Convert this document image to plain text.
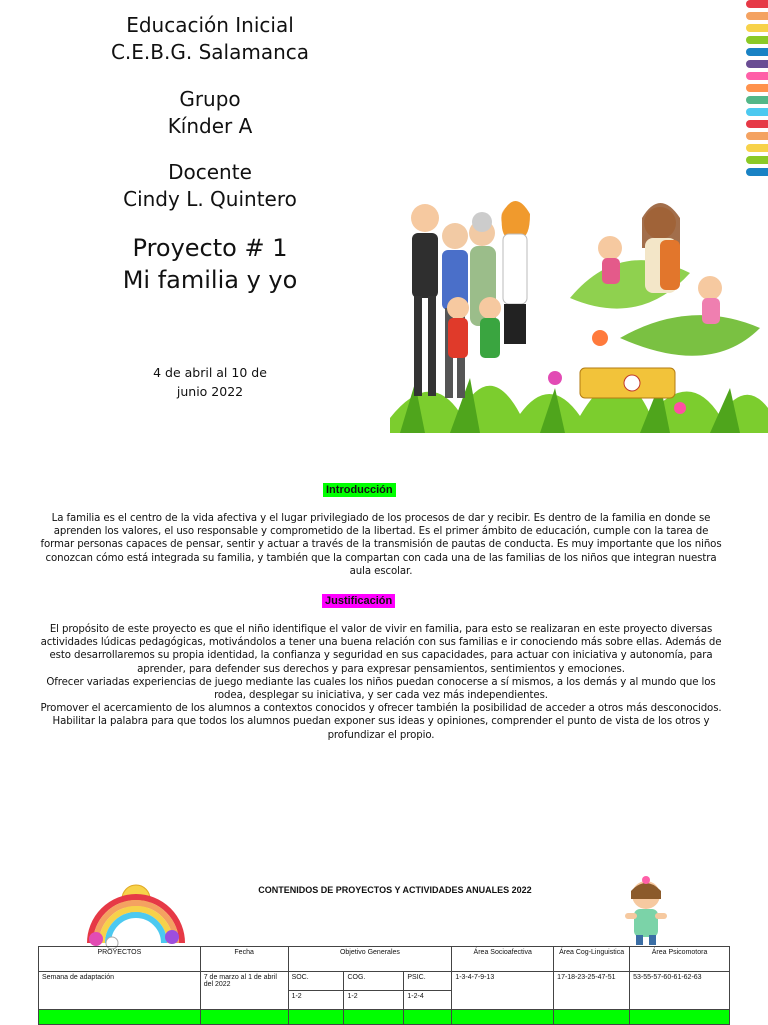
Educación Inicial
C.E.B.G. Salamanca
Grupo
Kínder A
Docente
Cindy L. Quintero
Proyecto # 1
Mi familia y yo
4 de abril al 10 de
junio 2022
Introducción
La familia es el centro de la vida afectiva y el lugar privilegiado de los procesos de dar y recibir. Es dentro de la familia en donde se aprenden los valores, el uso responsable y comprometido de la libertad. Es el primer ámbito de educación, cumple con la tarea de formar personas capaces de pensar, sentir y actuar a través de la transmisión de pautas de conducta. Es muy importante que los niños conozcan cómo está integrada su familia, y también que la compartan con cada una de las familias de los niños que integran nuestra aula escolar.
Justificación
El propósito de este proyecto es que el niño identifique el valor de vivir en familia, para esto se realizaran en este proyecto diversas actividades lúdicas pedagógicas, motivándolos a tener una buena relación con sus familias e ir conociendo más sobre ellas. Además de esto desarrollaremos su propia identidad, la confianza y seguridad en sus capacidades, para actuar con iniciativa y autonomía, para aprender, para defender sus derechos y para expresar pensamientos, sentimientos y emociones.
Ofrecer variadas experiencias de juego mediante las cuales los niños puedan conocerse a sí mismos, a los demás y al mundo que los rodea, desplegar su iniciativa, y ser cada vez más independientes.
Promover el acercamiento de los alumnos a contextos conocidos y ofrecer también la posibilidad de acceder a otros más desconocidos.
Habilitar la palabra para que todos los alumnos puedan exponer sus ideas y opiniones, comprender el punto de vista de los otros y profundizar el propio.
CONTENIDOS DE PROYECTOS Y ACTIVIDADES ANUALES 2022
PROYECTOS	Fecha	Objetivo Generales			Área Socioafectiva	Área Cog-Linguistica	Área Psicomotora
Semana de adaptación	7 de marzo al 1 de abril del 2022	SOC.	COG.	PSIC.	1-3-4-7-9-13	17-18-23-25-47-51	53-55-57-60-61-62-63
		1-2	1-2	1-2-4			
